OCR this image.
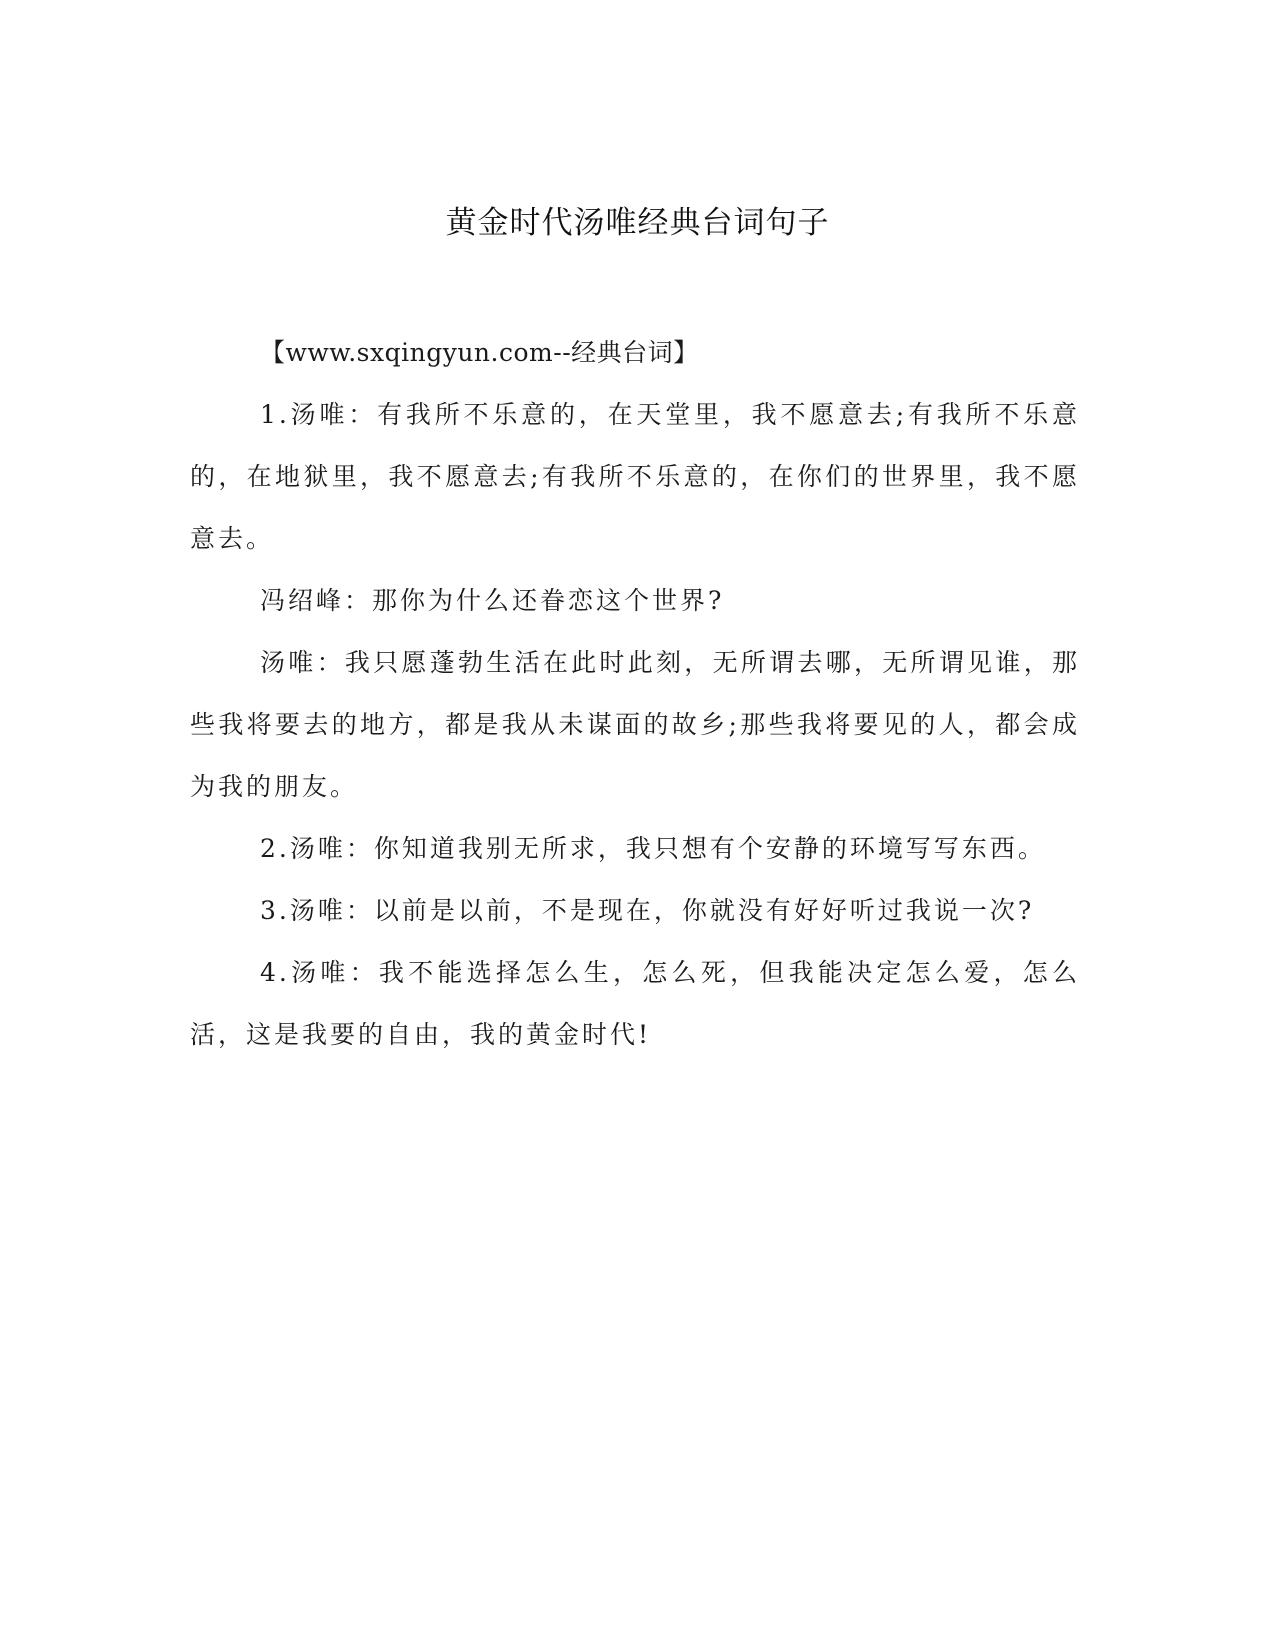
黄金时代汤唯经典台词句子

【www.sxqingyun.com--经典台词】

1.汤唯：有我所不乐意的，在天堂里，我不愿意去;有我所不乐意的，在地狱里，我不愿意去;有我所不乐意的，在你们的世界里，我不愿意去。

冯绍峰：那你为什么还眷恋这个世界?

汤唯：我只愿蓬勃生活在此时此刻，无所谓去哪，无所谓见谁，那些我将要去的地方，都是我从未谋面的故乡;那些我将要见的人，都会成为我的朋友。

2.汤唯：你知道我别无所求，我只想有个安静的环境写写东西。

3.汤唯：以前是以前，不是现在，你就没有好好听过我说一次?

4.汤唯：我不能选择怎么生，怎么死，但我能决定怎么爱，怎么活，这是我要的自由，我的黄金时代!
